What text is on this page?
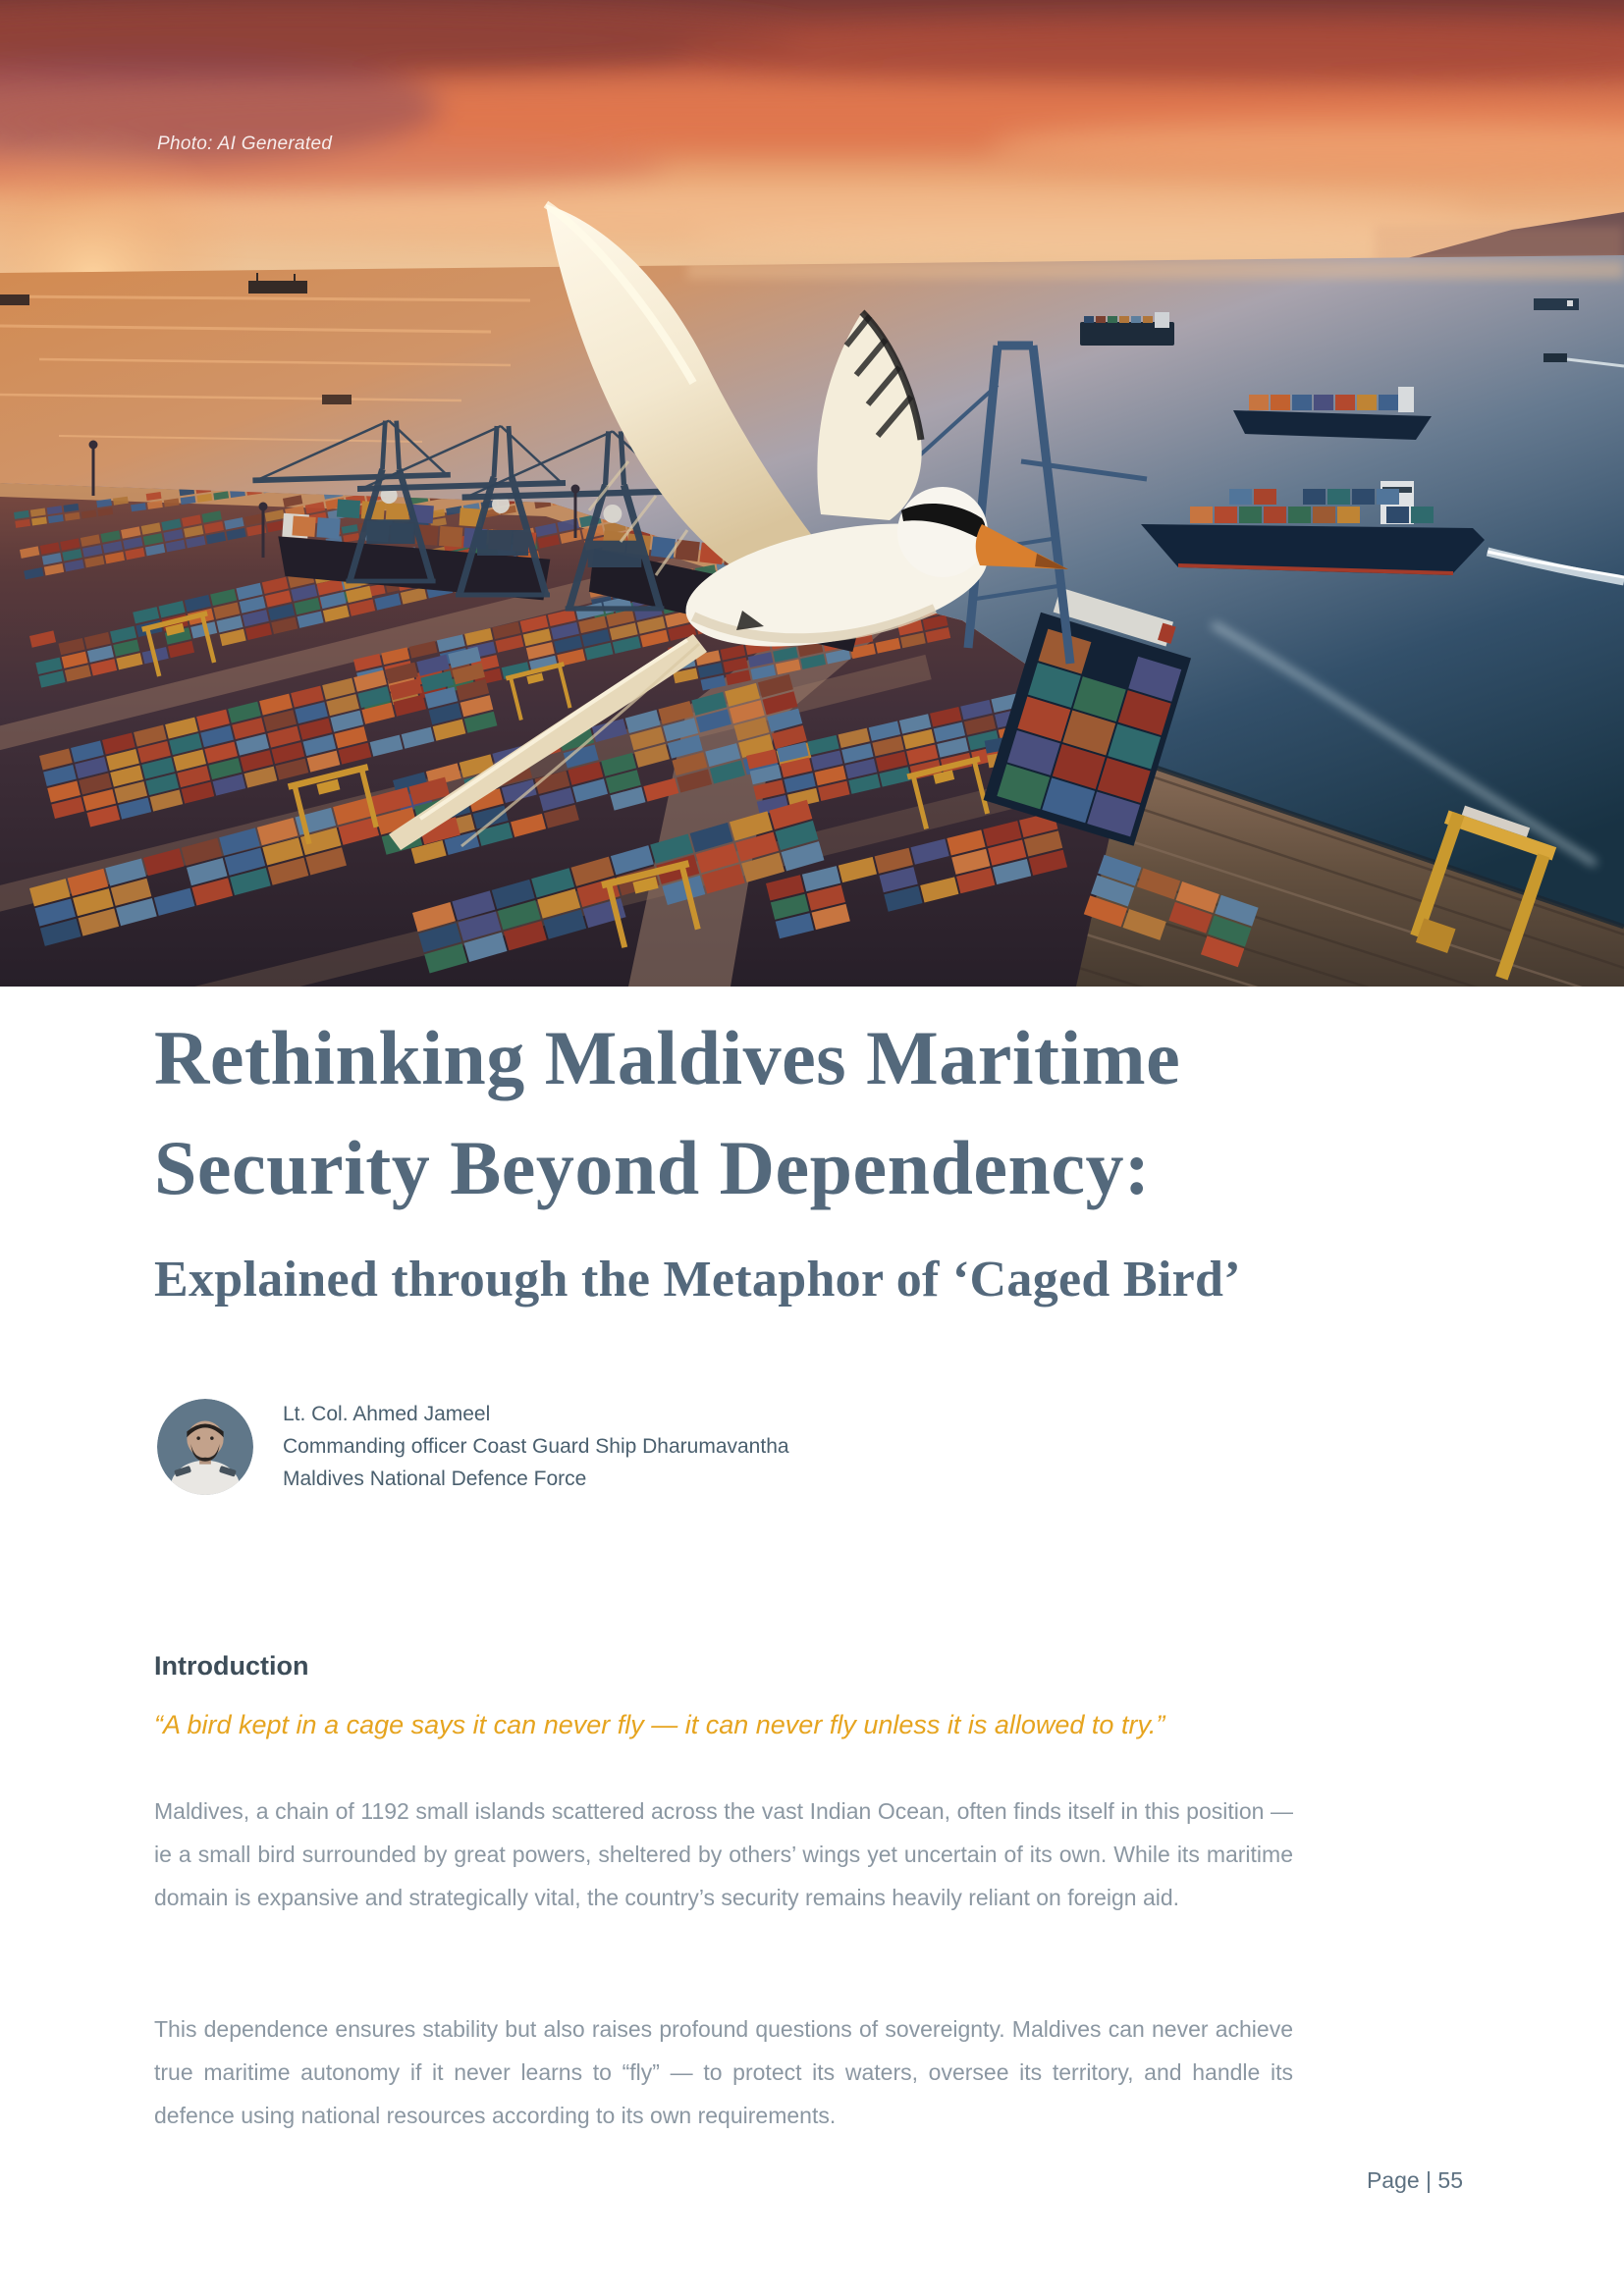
Photo: AI Generated
Rethinking Maldives Maritime
Security Beyond Dependency:
Explained through the Metaphor of ‘Caged Bird’
Lt. Col. Ahmed Jameel
Commanding officer Coast Guard Ship Dharumavantha
Maldives National Defence Force
Introduction
“A bird kept in a cage says it can never fly — it can never fly unless it is allowed to try.”

Maldives, a chain of 1192 small islands scattered across the vast Indian Ocean, often finds itself in this position — ie a small bird surrounded by great powers, sheltered by others’ wings yet uncertain of its own. While its maritime domain is expansive and strategically vital, the country’s security remains heavily reliant on foreign aid.

This dependence ensures stability but also raises profound questions of sovereignty. Maldives can never achieve true maritime autonomy if it never learns to “fly” — to protect its waters, oversee its territory, and handle its defence using national resources according to its own requirements.

Page | 55
